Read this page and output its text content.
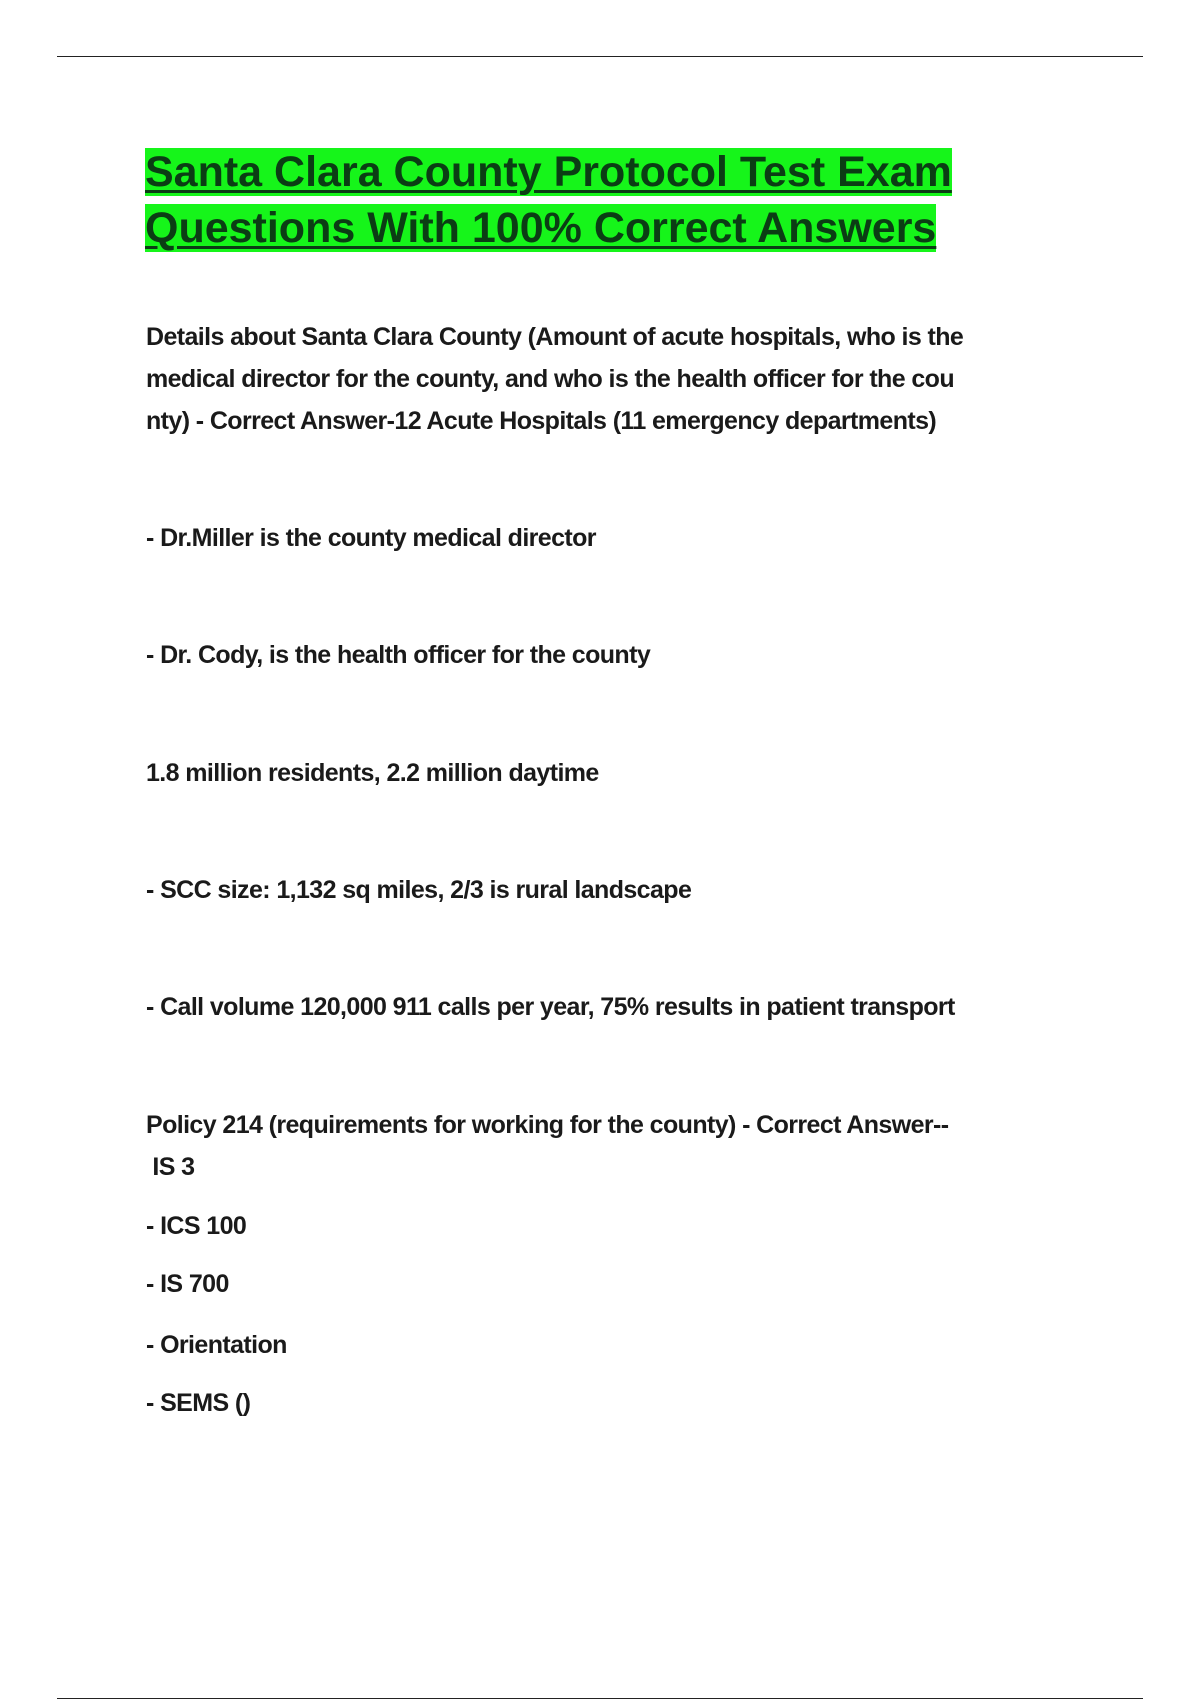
Santa Clara County Protocol Test Exam
Questions With 100% Correct Answers

Details about Santa Clara County (Amount of acute hospitals, who is the
medical director for the county, and who is the health officer for the cou
nty) - Correct Answer-12 Acute Hospitals (11 emergency departments)

- Dr.Miller is the county medical director

- Dr. Cody, is the health officer for the county

1.8 million residents, 2.2 million daytime

- SCC size: 1,132 sq miles, 2/3 is rural landscape

- Call volume 120,000 911 calls per year, 75% results in patient transport

Policy 214 (requirements for working for the county) - Correct Answer--
IS 3

- ICS 100

- IS 700

- Orientation

- SEMS ()
